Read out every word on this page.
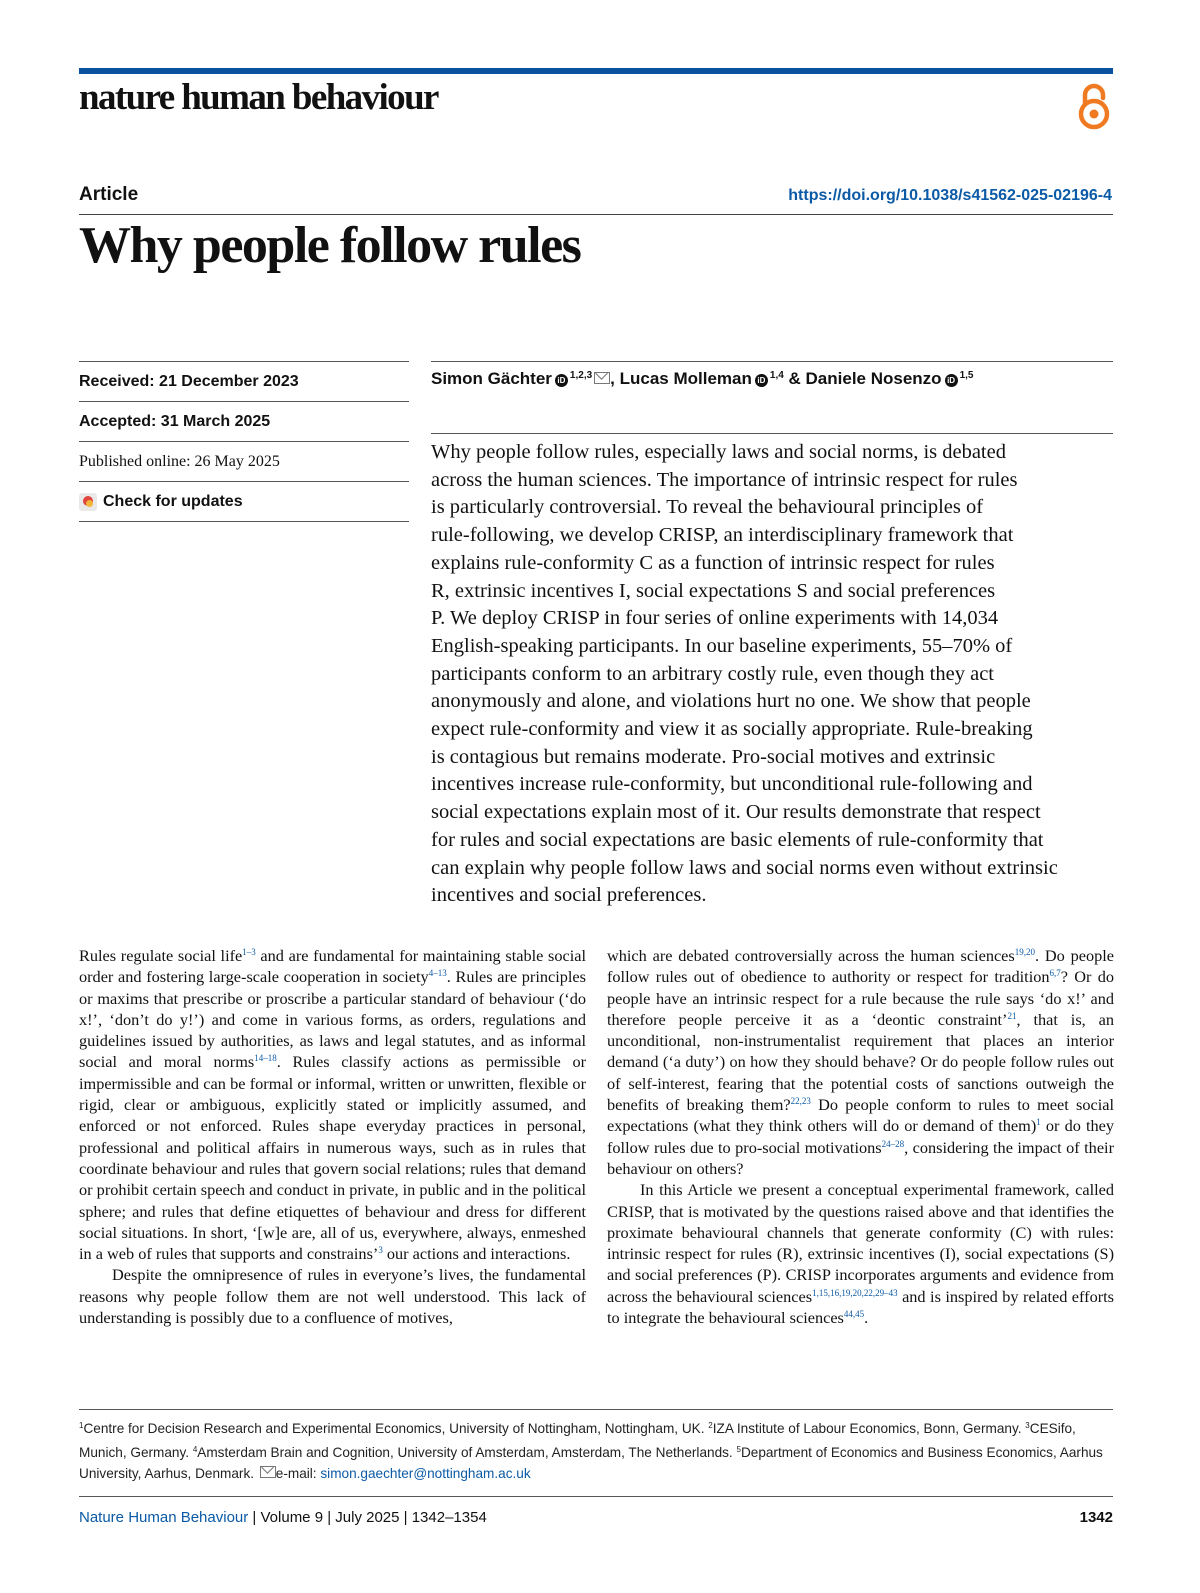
nature human behaviour
Article	https://doi.org/10.1038/s41562-025-02196-4
Why people follow rules
Received: 21 December 2023
Accepted: 31 March 2025
Published online: 26 May 2025
Check for updates
Simon Gächter iD $^{1,2,3}$ , Lucas Molleman iD $^{1,4}$ & Daniele Nosenzo iD $^{1,5}$
Why people follow rules, especially laws and social norms, is debated
across the human sciences. The importance of intrinsic respect for rules
is particularly controversial. To reveal the behavioural principles of
rule-following, we develop CRISP, an interdisciplinary framework that
explains rule-conformity C as a function of intrinsic respect for rules
R, extrinsic incentives I, social expectations S and social preferences
P. We deploy CRISP in four series of online experiments with 14,034
English-speaking participants. In our baseline experiments, 55–70% of
participants conform to an arbitrary costly rule, even though they act
anonymously and alone, and violations hurt no one. We show that people
expect rule-conformity and view it as socially appropriate. Rule-breaking
is contagious but remains moderate. Pro-social motives and extrinsic
incentives increase rule-conformity, but unconditional rule-following and
social expectations explain most of it. Our results demonstrate that respect
for rules and social expectations are basic elements of rule-conformity that
can explain why people follow laws and social norms even without extrinsic
incentives and social preferences.

Rules regulate social life$^{1-3}$ and are fundamental for maintaining stable social order and fostering large-scale cooperation in society$^{4-13}$. Rules are principles or maxims that prescribe or proscribe a particular standard of behaviour (‘do x!’, ‘don’t do y!’) and come in various forms, as orders, regulations and guidelines issued by authorities, as laws and legal statutes, and as informal social and moral norms$^{14-18}$. Rules classify actions as permissible or impermissible and can be formal or informal, written or unwritten, flexible or rigid, clear or ambiguous, explicitly stated or implicitly assumed, and enforced or not enforced. Rules shape everyday practices in personal, professional and political affairs in numerous ways, such as in rules that coordinate behaviour and rules that govern social relations; rules that demand or prohibit certain speech and conduct in private, in public and in the political sphere; and rules that define etiquettes of behaviour and dress for different social situations. In short, ‘[w]e are, all of us, everywhere, always, enmeshed in a web of rules that supports and constrains’$^3$ our actions and interactions.

Despite the omnipresence of rules in everyone’s lives, the fundamental reasons why people follow them are not well understood. This lack of understanding is possibly due to a confluence of motives,

which are debated controversially across the human sciences$^{19,20}$. Do people follow rules out of obedience to authority or respect for tradition$^{6,7}$? Or do people have an intrinsic respect for a rule because the rule says ‘do x!’ and therefore people perceive it as a ‘deontic constraint’$^{21}$, that is, an unconditional, non-instrumentalist requirement that places an interior demand (‘a duty’) on how they should behave? Or do people follow rules out of self-interest, fearing that the potential costs of sanctions outweigh the benefits of breaking them?$^{22,23}$ Do people conform to rules to meet social expectations (what they think others will do or demand of them)$^1$ or do they follow rules due to pro-social motivations$^{24-28}$, considering the impact of their behaviour on others?

In this Article we present a conceptual experimental framework, called CRISP, that is motivated by the questions raised above and that identifies the proximate behavioural channels that generate conformity (C) with rules: intrinsic respect for rules (R), extrinsic incentives (I), social expectations (S) and social preferences (P). CRISP incorporates arguments and evidence from across the behavioural sciences$^{1,15,16,19,20,22,29-43}$ and is inspired by related efforts to integrate the behavioural sciences$^{44,45}$.

$^1$Centre for Decision Research and Experimental Economics, University of Nottingham, Nottingham, UK. $^2$IZA Institute of Labour Economics, Bonn, Germany. $^3$CESifo, Munich, Germany. $^4$Amsterdam Brain and Cognition, University of Amsterdam, Amsterdam, The Netherlands. $^5$Department of Economics and Business Economics, Aarhus University, Aarhus, Denmark. e-mail: simon.gaechter@nottingham.ac.uk
Nature Human Behaviour | Volume 9 | July 2025 | 1342–1354	1342
